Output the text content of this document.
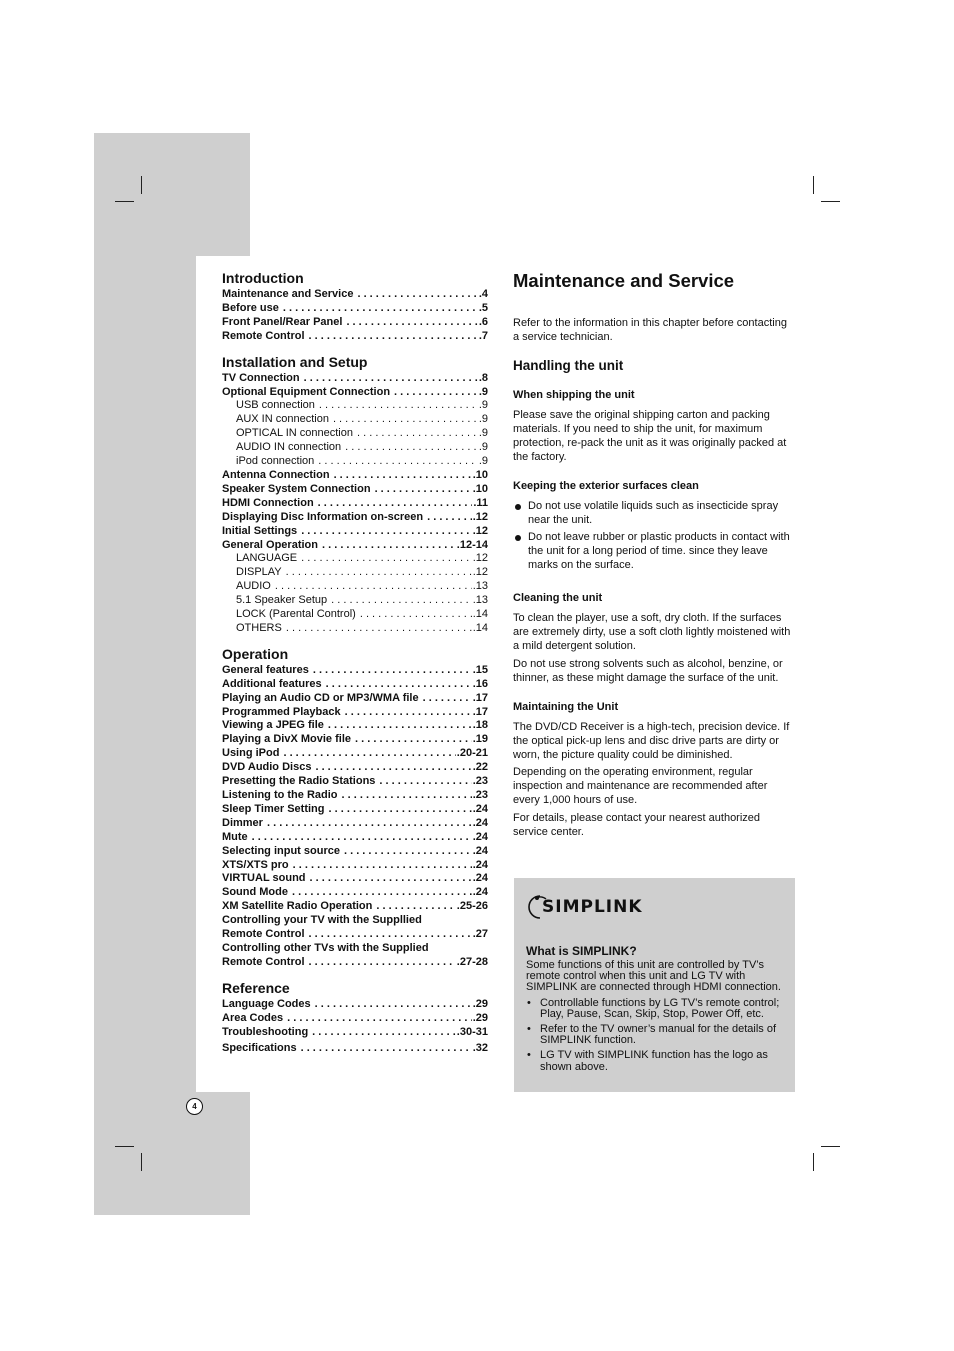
Introduction
Maintenance and Service . . .	.4
Before use . . .	.5
Front Panel/Rear Panel . . .	.6
Remote Control . . .	.7
Installation and Setup
TV Connection . . .	.8
Optional Equipment Connection . . .	.9
USB connection . . .	.9
AUX IN connection . . .	.9
OPTICAL IN connection . . .	.9
AUDIO IN connection . . .	.9
iPod connection . . .	.9
Antenna Connection . . .	.10
Speaker System Connection . . .	.10
HDMI Connection . . .	.11
Displaying Disc Information on-screen . . .	.12
Initial Settings . . .	.12
General Operation . . .	.12-14
LANGUAGE . . .	.12
DISPLAY . . .	.12
AUDIO . . .	.13
5.1 Speaker Setup . . .	.13
LOCK (Parental Control) . . .	.14
OTHERS . . .	.14
Operation
General features . . .	.15
Additional features . . .	.16
Playing an Audio CD or MP3/WMA file . . .	.17
Programmed Playback . . .	.17
Viewing a JPEG file . . .	.18
Playing a DivX Movie file . . .	.19
Using iPod . . .	.20-21
DVD Audio Discs . . .	.22
Presetting the Radio Stations . . .	.23
Listening to the Radio . . .	.23
Sleep Timer Setting . . .	.24
Dimmer . . .	.24
Mute . . .	.24
Selecting input source . . .	.24
XTS/XTS pro . . .	.24
VIRTUAL sound . . .	.24
Sound Mode . . .	.24
XM Satellite Radio Operation . . .	.25-26
Controlling your TV with the Suppllied
Remote Control . . .	.27
Controlling other TVs with the Supplied
Remote Control . . .	.27-28
Reference
Language Codes . . .	.29
Area Codes . . .	.29
Troubleshooting . . .	.30-31
Specifications . . .	.32
Maintenance and Service

Refer to the information in this chapter before contacting a service technician.

Handling the unit
When shipping the unit

Please save the original shipping carton and packing materials. If you need to ship the unit, for maximum protection, re-pack the unit as it was originally packed at the factory.

Keeping the exterior surfaces clean
Do not use volatile liquids such as insecticide spray near the unit.
Do not leave rubber or plastic products in contact with the unit for a long period of time. since they leave marks on the surface.
Cleaning the unit

To clean the player, use a soft, dry cloth. If the surfaces are extremely dirty, use a soft cloth lightly moistened with a mild detergent solution.

Do not use strong solvents such as alcohol, benzine, or thinner, as these might damage the surface of the unit.

Maintaining the Unit

The DVD/CD Receiver is a high-tech, precision device. If the optical pick-up lens and disc drive parts are dirty or worn, the picture quality could be diminished.

Depending on the operating environment, regular inspection and maintenance are recommended after every 1,000 hours of use.

For details, please contact your nearest authorized service center.

SIMPLINK
What is SIMPLINK?

Some functions of this unit are controlled by TV’s remote control when this unit and LG TV with SIMPLINK are connected through HDMI connection.

• Controllable functions by LG TV’s remote control; Play, Pause, Scan, Skip, Stop, Power Off, etc.
• Refer to the TV owner’s manual for the details of SIMPLINK function.
• LG TV with SIMPLINK function has the logo as shown above.
4
